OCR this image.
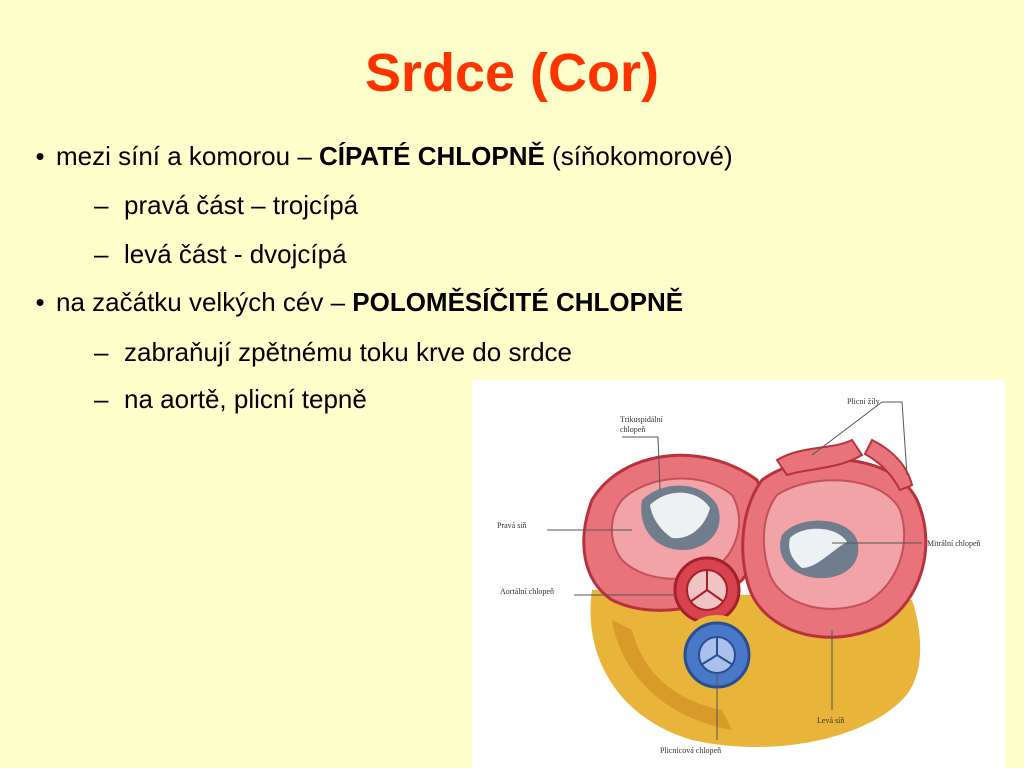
Srdce (Cor)
• mezi síní a komorou – CÍPATÉ CHLOPNĚ (síňokomorové)
– pravá část – trojcípá
– levá část - dvojcípá
• na začátku velkých cév – POLOMĚSÍČITÉ CHLOPNĚ
– zabraňují zpětnému toku krve do srdce
– na aortě, plicní tepně
Trikuspidální
chlopeň
Plicní žíly
Pravá síň
Mitrální chlopeň
Aortální chlopeň
Levá síň
Plicnicová chlopeň
